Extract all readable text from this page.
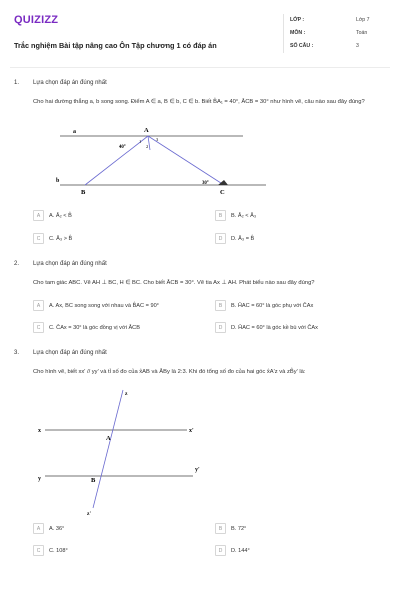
QUIZIZZ
Trắc nghiệm Bài tập nâng cao Ôn Tập chương 1 có đáp án
LỚP :	Lớp 7
MÔN :	Toán
SỐ CÂU :	3
1. Lựa chọn đáp án đúng nhất
Cho hai đường thẳng a, b song song. Điểm A ∈ a, B ∈ b, C ∈ b. Biết B̂A₁ = 40°, ÂCB = 30° như hình vẽ, câu nào sau đây đúng?
a
b
A
B	C
1
2
3
40°
30°
A	A. Â₂ < B̂	B	B. Â₂ < Â₃
C	C. Â₃ > B̂	D	D. Â₃ = B̂
2. Lựa chọn đáp án đúng nhất
Cho tam giác ABC. Vẽ AH ⊥ BC, H ∈ BC. Cho biết ÂCB = 30°. Vẽ tia Ax ⊥ AH. Phát biểu nào sau đây đúng?
A	A. Ax, BC song song với nhau và B̂AC = 90°	B	B. ĤAC = 60° là góc phụ với ĈAx
C	C. ĈAx = 30° là góc đồng vị với ÂCB	D	D. ĤAC = 60° là góc kề bù với ĈAx
3. Lựa chọn đáp án đúng nhất
Cho hình vẽ, biết xx' // yy' và tỉ số đo của x̂AB và ÂBy là 2:3. Khi đó tổng số đo của hai góc x̂A'z và zB̂y' là:
z
z'
x	x'
y
y'
A
B
A	A. 36°	B	B. 72°
C	C. 108°	D	D. 144°
